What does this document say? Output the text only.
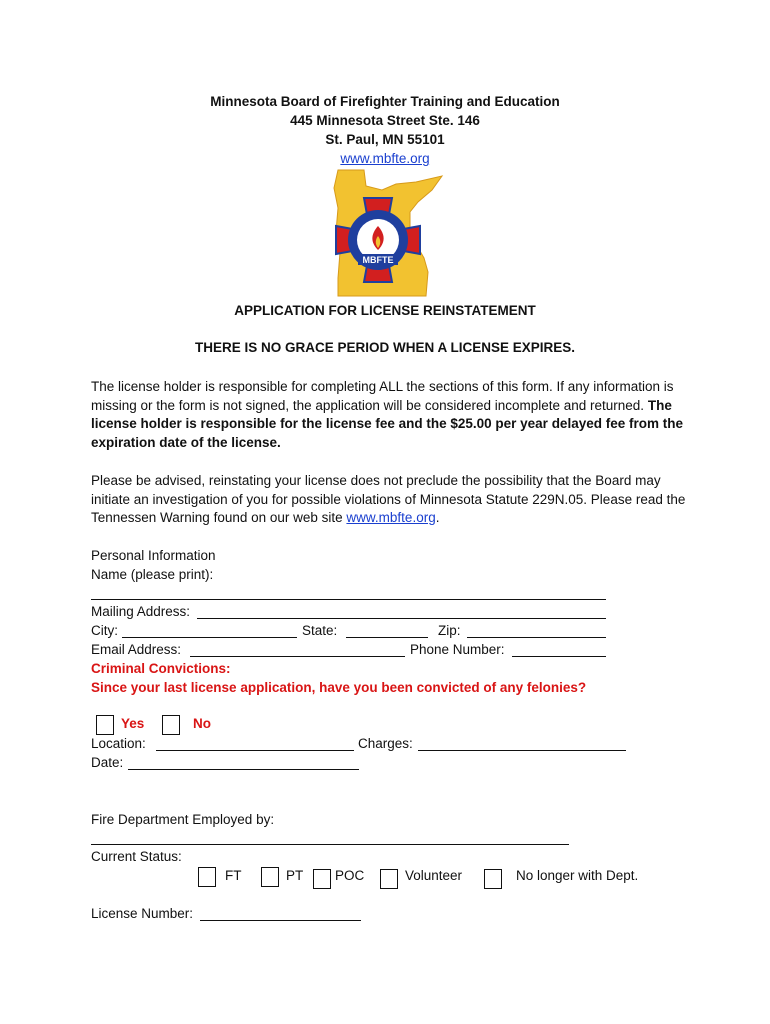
Minnesota Board of Firefighter Training and Education
445 Minnesota Street Ste. 146
St. Paul, MN 55101
www.mbfte.org
MBFTE
APPLICATION FOR LICENSE REINSTATEMENT
THERE IS NO GRACE PERIOD WHEN A LICENSE EXPIRES.
The license holder is responsible for completing ALL the sections of this form. If any information is missing or the form is not signed, the application will be considered incomplete and returned. The license holder is responsible for the license fee and the $25.00 per year delayed fee from the expiration date of the license.
Please be advised, reinstating your license does not preclude the possibility that the Board may initiate an investigation of you for possible violations of Minnesota Statute 229N.05. Please read the Tennessen Warning found on our web site www.mbfte.org.
Personal Information
Name (please print):
Mailing Address:
City:	State:	Zip:
Email Address:	Phone Number:
Criminal Convictions:
Since your last license application, have you been convicted of any felonies?
Yes	No
Location:	Charges:
Date:
Fire Department Employed by:
Current Status:
FT	PT POC	Volunteer	No longer with Dept.
License Number:
